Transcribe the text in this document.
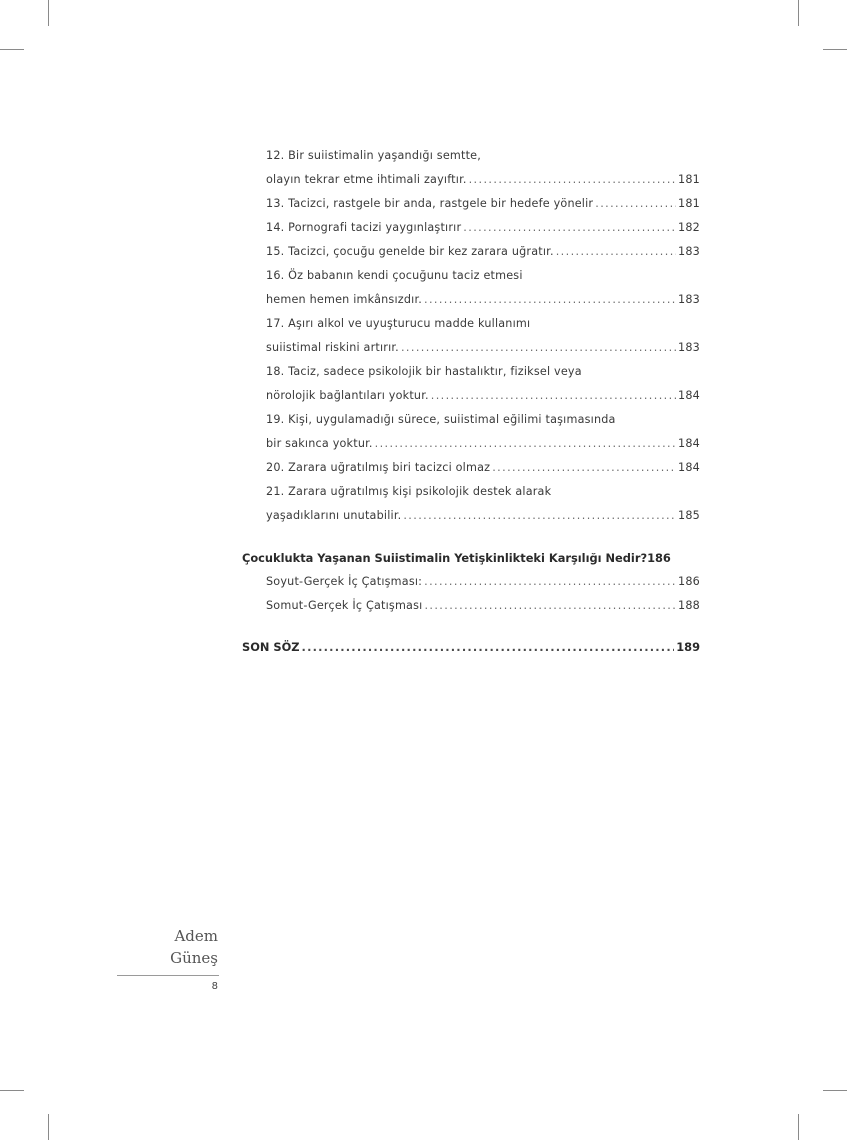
12. Bir suiistimalin yaşandığı semtte,
olayın tekrar etme ihtimali zayıftır. .....	181
13. Tacizci, rastgele bir anda, rastgele bir hedefe yönelir .....	181
14. Pornografi tacizi yaygınlaştırır .....	182
15. Tacizci, çocuğu genelde bir kez zarara uğratır. .....	183
16. Öz babanın kendi çocuğunu taciz etmesi
hemen hemen imkânsızdır. .....	183
17. Aşırı alkol ve uyuşturucu madde kullanımı
suiistimal riskini artırır. .....	183
18. Taciz, sadece psikolojik bir hastalıktır, fiziksel veya
nörolojik bağlantıları yoktur. .....	184
19. Kişi, uygulamadığı sürece, suiistimal eğilimi taşımasında
bir sakınca yoktur. .....	184
20. Zarara uğratılmış biri tacizci olmaz .....	184
21. Zarara uğratılmış kişi psikolojik destek alarak
yaşadıklarını unutabilir. .....	185
Çocuklukta Yaşanan Suiistimalin Yetişkinlikteki Karşılığı Nedir? 186
Soyut-Gerçek İç Çatışması: .....	186
Somut-Gerçek İç Çatışması .....	188
SON SÖZ .....	189
Adem
Güneş
8
